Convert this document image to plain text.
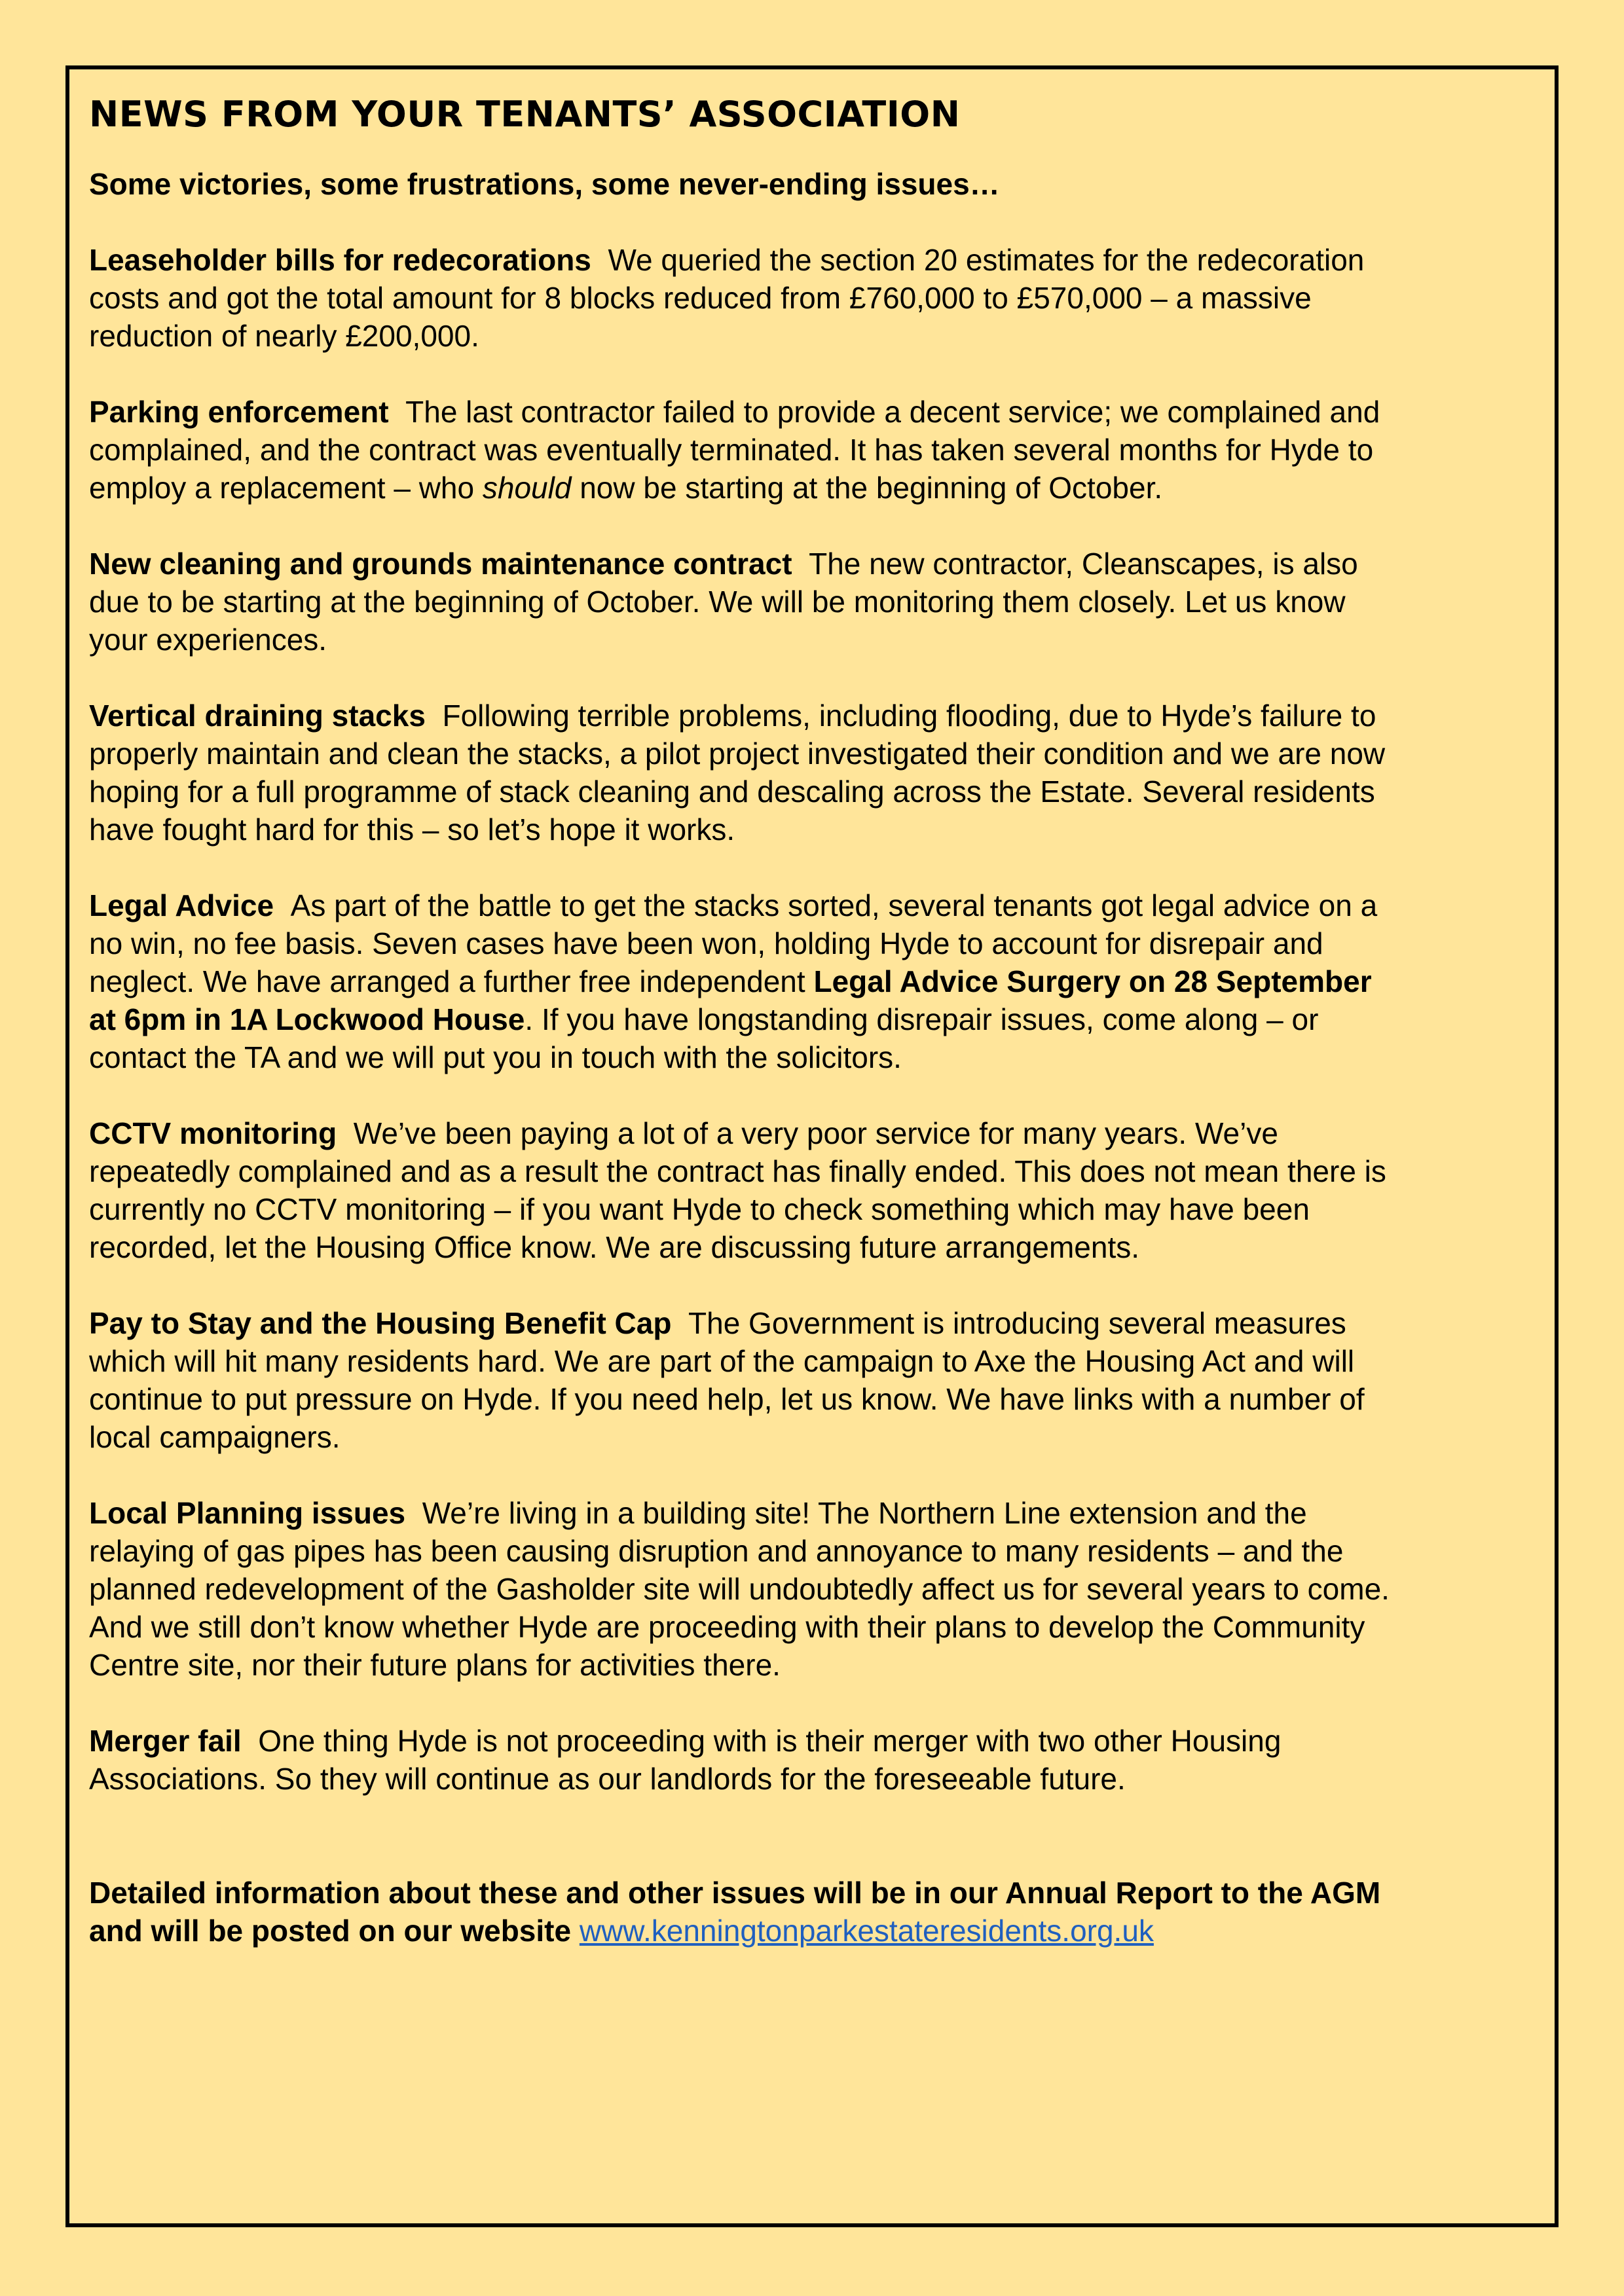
NEWS FROM YOUR TENANTS’ ASSOCIATION

Some victories, some frustrations, some never-ending issues…

Leaseholder bills for redecorations We queried the section 20 estimates for the redecoration costs and got the total amount for 8 blocks reduced from £760,000 to £570,000 – a massive reduction of nearly £200,000.

Parking enforcement The last contractor failed to provide a decent service; we complained and complained, and the contract was eventually terminated. It has taken several months for Hyde to employ a replacement – who should now be starting at the beginning of October.

New cleaning and grounds maintenance contract The new contractor, Cleanscapes, is also due to be starting at the beginning of October. We will be monitoring them closely. Let us know your experiences.

Vertical draining stacks Following terrible problems, including flooding, due to Hyde’s failure to properly maintain and clean the stacks, a pilot project investigated their condition and we are now hoping for a full programme of stack cleaning and descaling across the Estate. Several residents have fought hard for this – so let’s hope it works.

Legal Advice As part of the battle to get the stacks sorted, several tenants got legal advice on a no win, no fee basis. Seven cases have been won, holding Hyde to account for disrepair and neglect. We have arranged a further free independent Legal Advice Surgery on 28 September at 6pm in 1A Lockwood House. If you have longstanding disrepair issues, come along – or contact the TA and we will put you in touch with the solicitors.

CCTV monitoring We’ve been paying a lot of a very poor service for many years. We’ve repeatedly complained and as a result the contract has finally ended. This does not mean there is currently no CCTV monitoring – if you want Hyde to check something which may have been recorded, let the Housing Office know. We are discussing future arrangements.

Pay to Stay and the Housing Benefit Cap The Government is introducing several measures which will hit many residents hard. We are part of the campaign to Axe the Housing Act and will continue to put pressure on Hyde. If you need help, let us know. We have links with a number of local campaigners.

Local Planning issues We’re living in a building site! The Northern Line extension and the relaying of gas pipes has been causing disruption and annoyance to many residents – and the planned redevelopment of the Gasholder site will undoubtedly affect us for several years to come. And we still don’t know whether Hyde are proceeding with their plans to develop the Community Centre site, nor their future plans for activities there.

Merger fail One thing Hyde is not proceeding with is their merger with two other Housing Associations. So they will continue as our landlords for the foreseeable future.

Detailed information about these and other issues will be in our Annual Report to the AGM and will be posted on our website www.kenningtonparkestateresidents.org.uk
